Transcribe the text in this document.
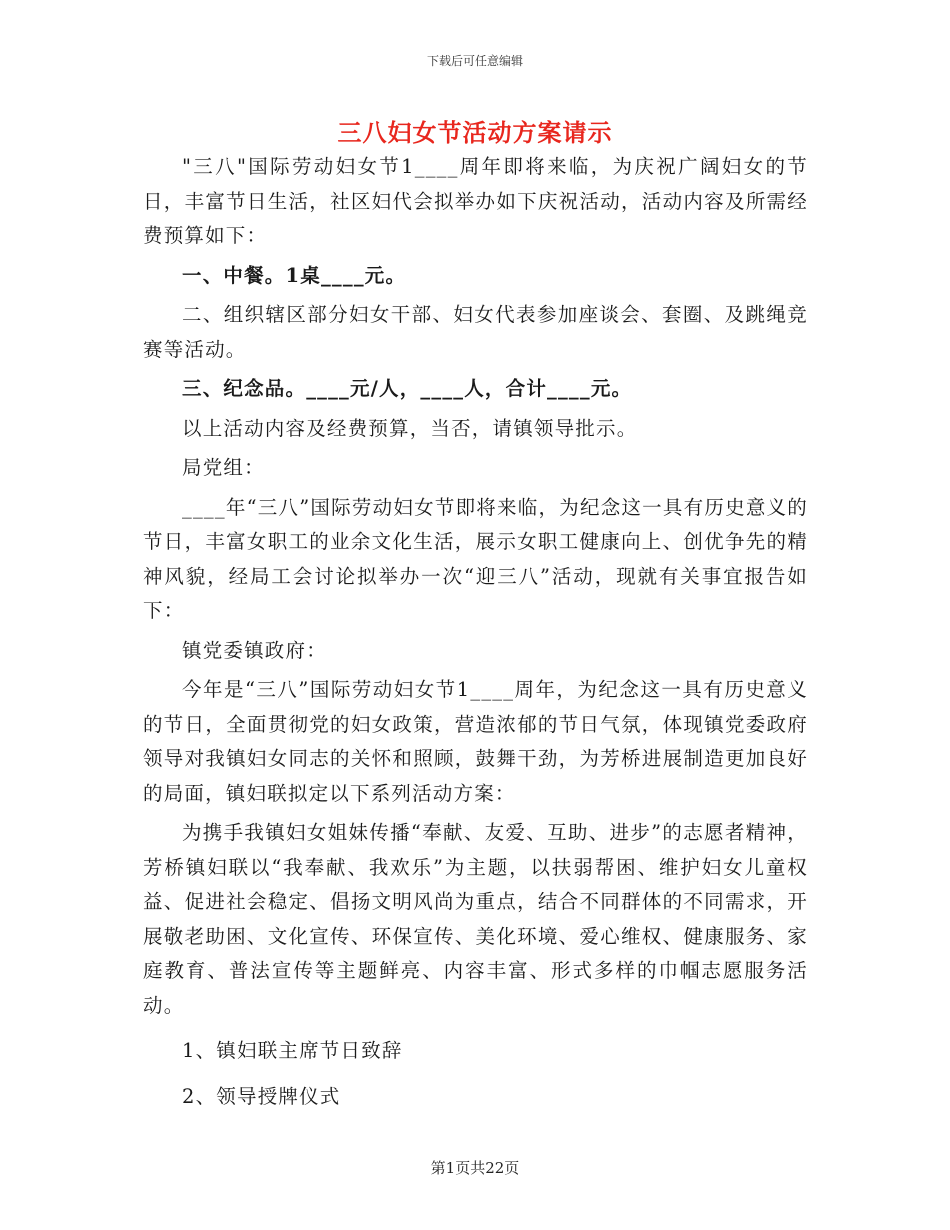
下载后可任意编辑
三八妇女节活动方案请示

"三八"国际劳动妇女节1____周年即将来临，为庆祝广阔妇女的节日，丰富节日生活，社区妇代会拟举办如下庆祝活动，活动内容及所需经费预算如下：

一、中餐。1桌____元。

二、组织辖区部分妇女干部、妇女代表参加座谈会、套圈、及跳绳竞赛等活动。

三、纪念品。____元/人，____人，合计____元。

以上活动内容及经费预算，当否，请镇领导批示。

局党组：

____年“三八”国际劳动妇女节即将来临，为纪念这一具有历史意义的节日，丰富女职工的业余文化生活，展示女职工健康向上、创优争先的精神风貌，经局工会讨论拟举办一次“迎三八”活动，现就有关事宜报告如下：

镇党委镇政府：

今年是“三八”国际劳动妇女节1____周年，为纪念这一具有历史意义的节日，全面贯彻党的妇女政策，营造浓郁的节日气氛，体现镇党委政府领导对我镇妇女同志的关怀和照顾，鼓舞干劲，为芳桥进展制造更加良好的局面，镇妇联拟定以下系列活动方案：

为携手我镇妇女姐妹传播“奉献、友爱、互助、进步”的志愿者精神，芳桥镇妇联以“我奉献、我欢乐”为主题，以扶弱帮困、维护妇女儿童权益、促进社会稳定、倡扬文明风尚为重点，结合不同群体的不同需求，开展敬老助困、文化宣传、环保宣传、美化环境、爱心维权、健康服务、家庭教育、普法宣传等主题鲜亮、内容丰富、形式多样的巾帼志愿服务活动。

1、镇妇联主席节日致辞

2、领导授牌仪式

第1页共22页
